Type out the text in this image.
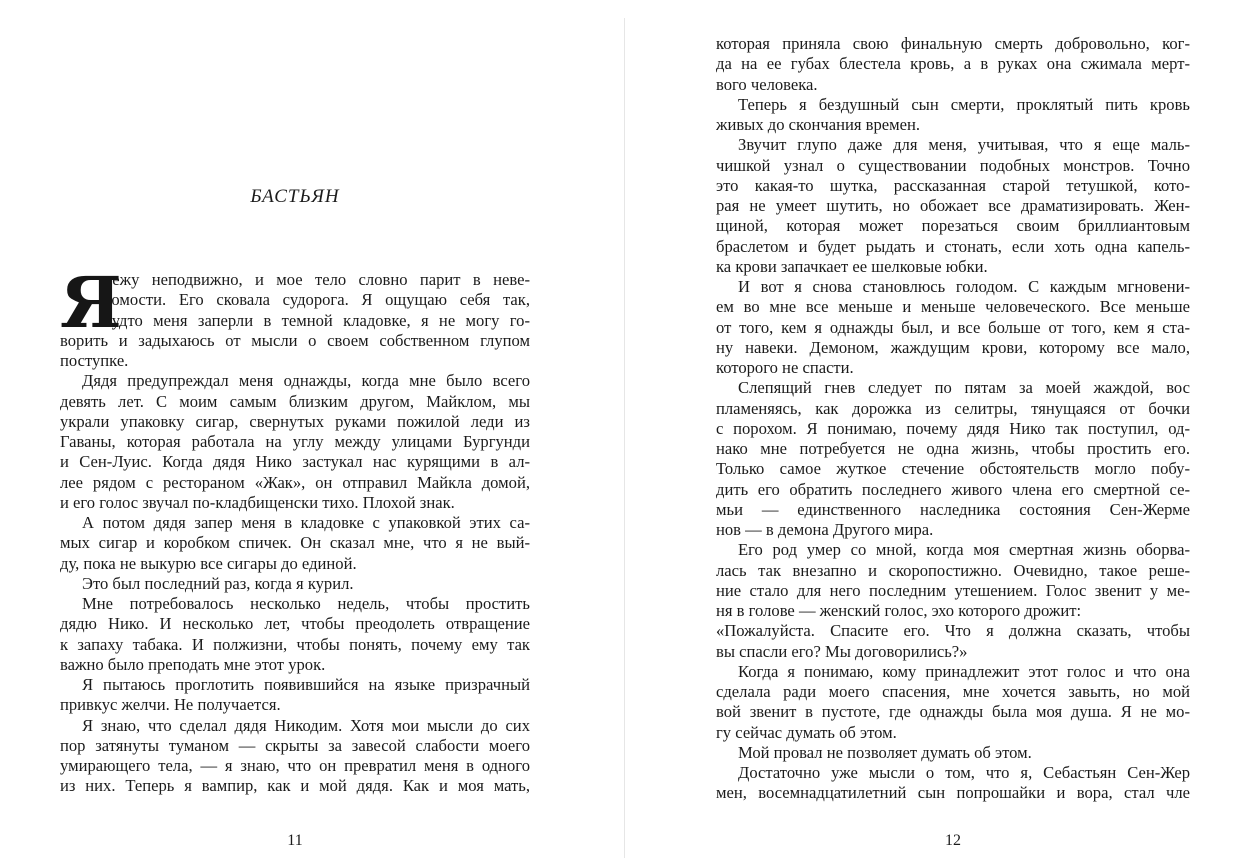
БАСТЬЯН
Я
лежу неподвижно, и мое тело словно парит в неве-
сомости. Его сковала судорога. Я ощущаю себя так,
будто меня заперли в темной кладовке, я не могу го-
ворить и задыхаюсь от мысли о своем собственном глупом
поступке.
Дядя предупреждал меня однажды, когда мне было всего
девять лет. С моим самым близким другом, Майклом, мы
украли упаковку сигар, свернутых руками пожилой леди из
Гаваны, которая работала на углу между улицами Бургунди
и Сен-Луис. Когда дядя Нико застукал нас курящими в ал-
лее рядом с рестораном «Жак», он отправил Майкла домой,
и его голос звучал по-кладбищенски тихо. Плохой знак.
А потом дядя запер меня в кладовке с упаковкой этих са-
мых сигар и коробком спичек. Он сказал мне, что я не вый-
ду, пока не выкурю все сигары до единой.
Это был последний раз, когда я курил.
Мне потребовалось несколько недель, чтобы простить
дядю Нико. И несколько лет, чтобы преодолеть отвращение
к запаху табака. И полжизни, чтобы понять, почему ему так
важно было преподать мне этот урок.
Я пытаюсь проглотить появившийся на языке призрачный
привкус желчи. Не получается.
Я знаю, что сделал дядя Никодим. Хотя мои мысли до сих
пор затянуты туманом — скрыты за завесой слабости моего
умирающего тела, — я знаю, что он превратил меня в одного
из них. Теперь я вампир, как и мой дядя. Как и моя мать,
11
которая приняла свою финальную смерть добровольно, ког-
да на ее губах блестела кровь, а в руках она сжимала мерт-
вого человека.
Теперь я бездушный сын смерти, проклятый пить кровь
живых до скончания времен.
Звучит глупо даже для меня, учитывая, что я еще маль-
чишкой узнал о существовании подобных монстров. Точно
это какая-то шутка, рассказанная старой тетушкой, кото-
рая не умеет шутить, но обожает все драматизировать. Жен-
щиной, которая может порезаться своим бриллиантовым
браслетом и будет рыдать и стонать, если хоть одна капель-
ка крови запачкает ее шелковые юбки.
И вот я снова становлюсь голодом. С каждым мгновени-
ем во мне все меньше и меньше человеческого. Все меньше
от того, кем я однажды был, и все больше от того, кем я ста-
ну навеки. Демоном, жаждущим крови, которому все мало,
которого не спасти.
Слепящий гнев следует по пятам за моей жаждой, вос
пламеняясь, как дорожка из селитры, тянущаяся от бочки
с порохом. Я понимаю, почему дядя Нико так поступил, од-
нако мне потребуется не одна жизнь, чтобы простить его.
Только самое жуткое стечение обстоятельств могло побу-
дить его обратить последнего живого члена его смертной се-
мьи — единственного наследника состояния Сен-Жерме
нов — в демона Другого мира.
Его род умер со мной, когда моя смертная жизнь оборва-
лась так внезапно и скоропостижно. Очевидно, такое реше-
ние стало для него последним утешением. Голос звенит у ме-
ня в голове — женский голос, эхо которого дрожит:
«Пожалуйста. Спасите его. Что я должна сказать, чтобы
вы спасли его? Мы договорились?»
Когда я понимаю, кому принадлежит этот голос и что она
сделала ради моего спасения, мне хочется завыть, но мой
вой звенит в пустоте, где однажды была моя душа. Я не мо-
гу сейчас думать об этом.
Мой провал не позволяет думать об этом.
Достаточно уже мысли о том, что я, Себастьян Сен-Жер
мен, восемнадцатилетний сын попрошайки и вора, стал чле
12
